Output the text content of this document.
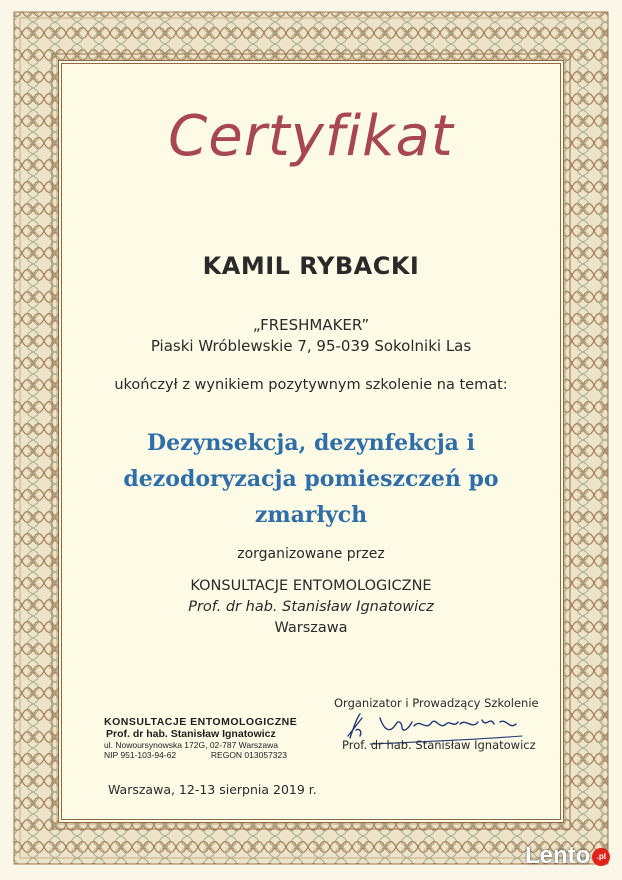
Certyfikat
KAMIL RYBACKI
„FRESHMAKER”
Piaski Wróblewskie 7, 95-039 Sokolniki Las
ukończył z wynikiem pozytywnym szkolenie na temat:
Dezynsekcja, dezynfekcja i
dezodoryzacja pomieszczeń po
zmarłych
zorganizowane przez
KONSULTACJE ENTOMOLOGICZNE
Prof. dr hab. Stanisław Ignatowicz
Warszawa
KONSULTACJE ENTOMOLOGICZNE
Prof. dr hab. Stanisław Ignatowicz
ul. Nowoursynowska 172G, 02-787 Warszawa
NIP 951-103-94-62	REGON 013057323
Organizator i Prowadzący Szkolenie
Prof. dr hab. Stanisław Ignatowicz
Warszawa, 12-13 sierpnia 2019 r.
Lento .pl
